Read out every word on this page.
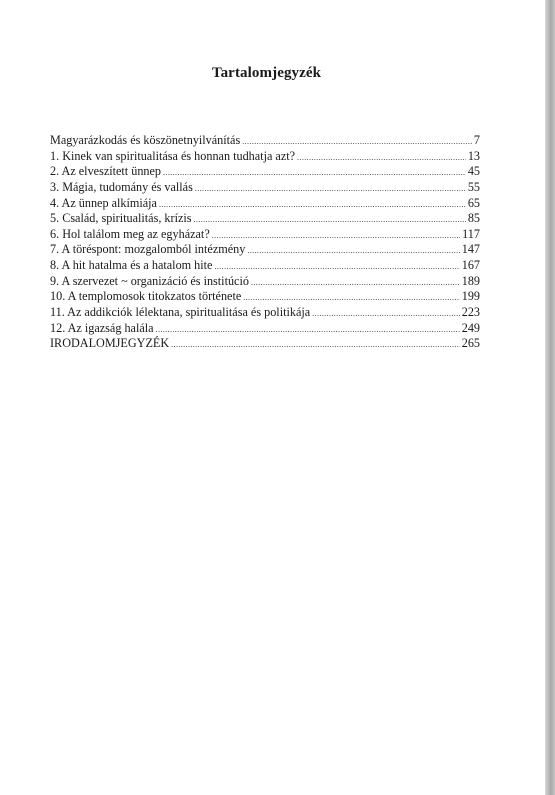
Tartalomjegyzék
Magyarázkodás és köszönetnyilvánítás .....	7
1. Kinek van spiritualitása és honnan tudhatja azt? .....	13
2. Az elveszített ünnep .....	45
3. Mágia, tudomány és vallás .....	55
4. Az ünnep alkímiája .....	65
5. Család, spiritualitás, krízis .....	85
6. Hol találom meg az egyházat? .....	117
7. A töréspont: mozgalomból intézmény .....	147
8. A hit hatalma és a hatalom hite .....	167
9. A szervezet ~ organizáció és institúció .....	189
10. A templomosok titokzatos története .....	199
11. Az addikciók lélektana, spiritualitása és politikája .....	223
12. Az igazság halála .....	249
IRODALOMJEGYZÉK .....	265
